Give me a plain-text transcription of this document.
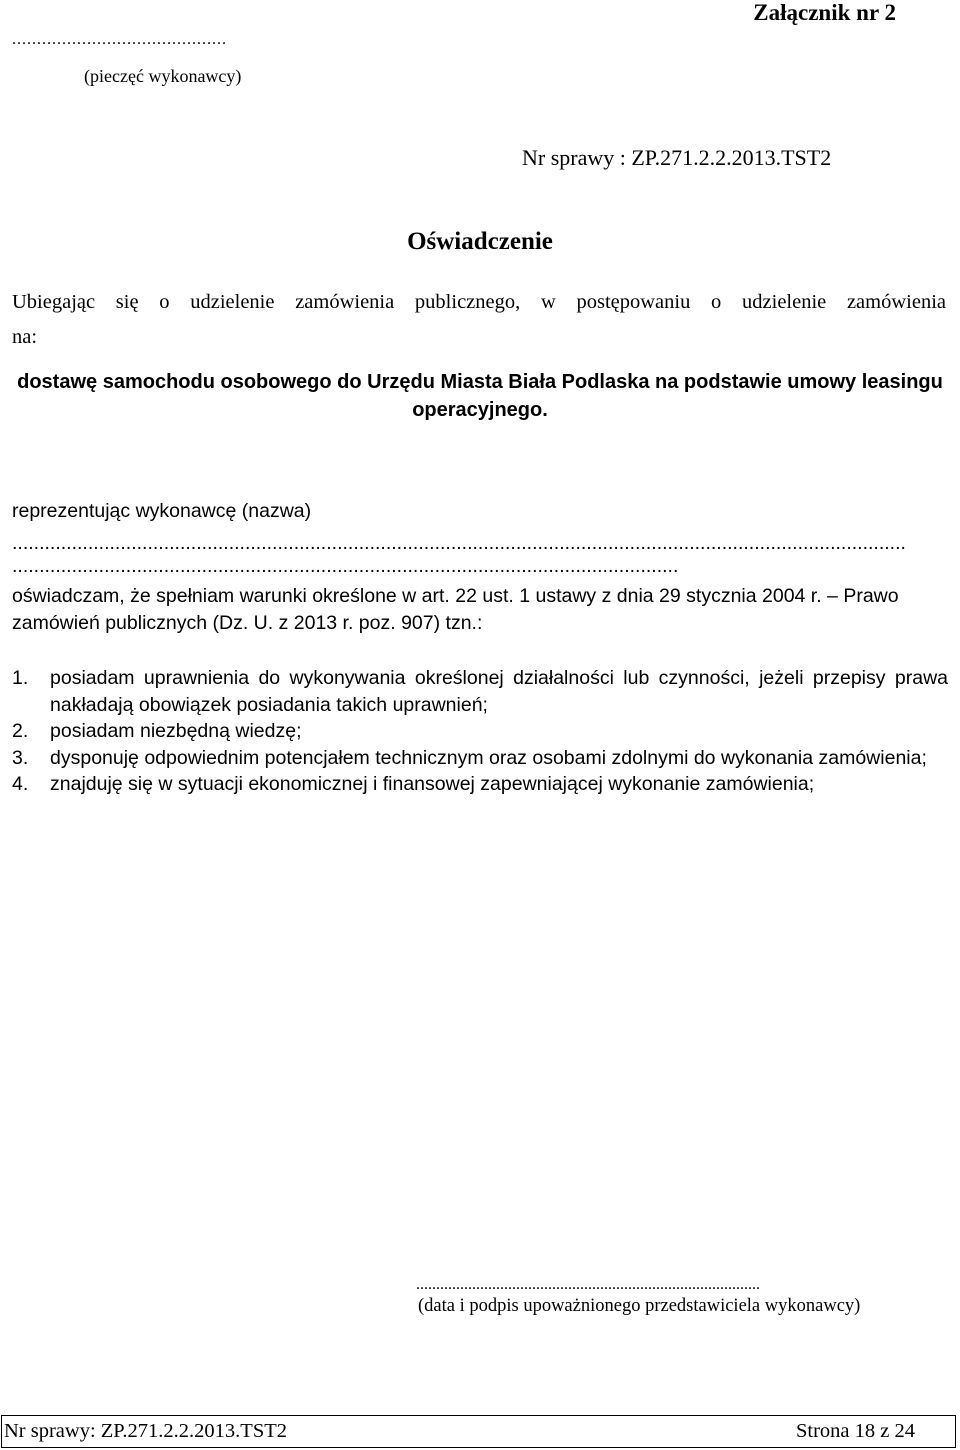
Załącznik nr 2
...........................................
(pieczęć wykonawcy)
Nr sprawy : ZP.271.2.2.2013.TST2
Oświadczenie
Ubiegając się o udzielenie zamówienia publicznego, w postępowaniu o udzielenie zamówienia
na:
dostawę samochodu osobowego do Urzędu Miasta Biała Podlaska na podstawie umowy leasingu operacyjnego.
reprezentując wykonawcę (nazwa)
.....................................................................................................................................................................
...........................................................................................................................
oświadczam, że spełniam warunki określone w art. 22 ust. 1 ustawy z dnia 29 stycznia 2004 r. – Prawo zamówień publicznych (Dz. U. z 2013 r. poz. 907) tzn.:
1. posiadam uprawnienia do wykonywania określonej działalności lub czynności, jeżeli przepisy prawa nakładają obowiązek posiadania takich uprawnień;
2. posiadam niezbędną wiedzę;
3. dysponuję odpowiednim potencjałem technicznym oraz osobami zdolnymi do wykonania zamówienia;
4. znajduję się w sytuacji ekonomicznej i finansowej zapewniającej wykonanie zamówienia;
......................................................................................
(data i podpis upoważnionego przedstawiciela wykonawcy)
Nr sprawy: ZP.271.2.2.2013.TST2	Strona 18 z 24
